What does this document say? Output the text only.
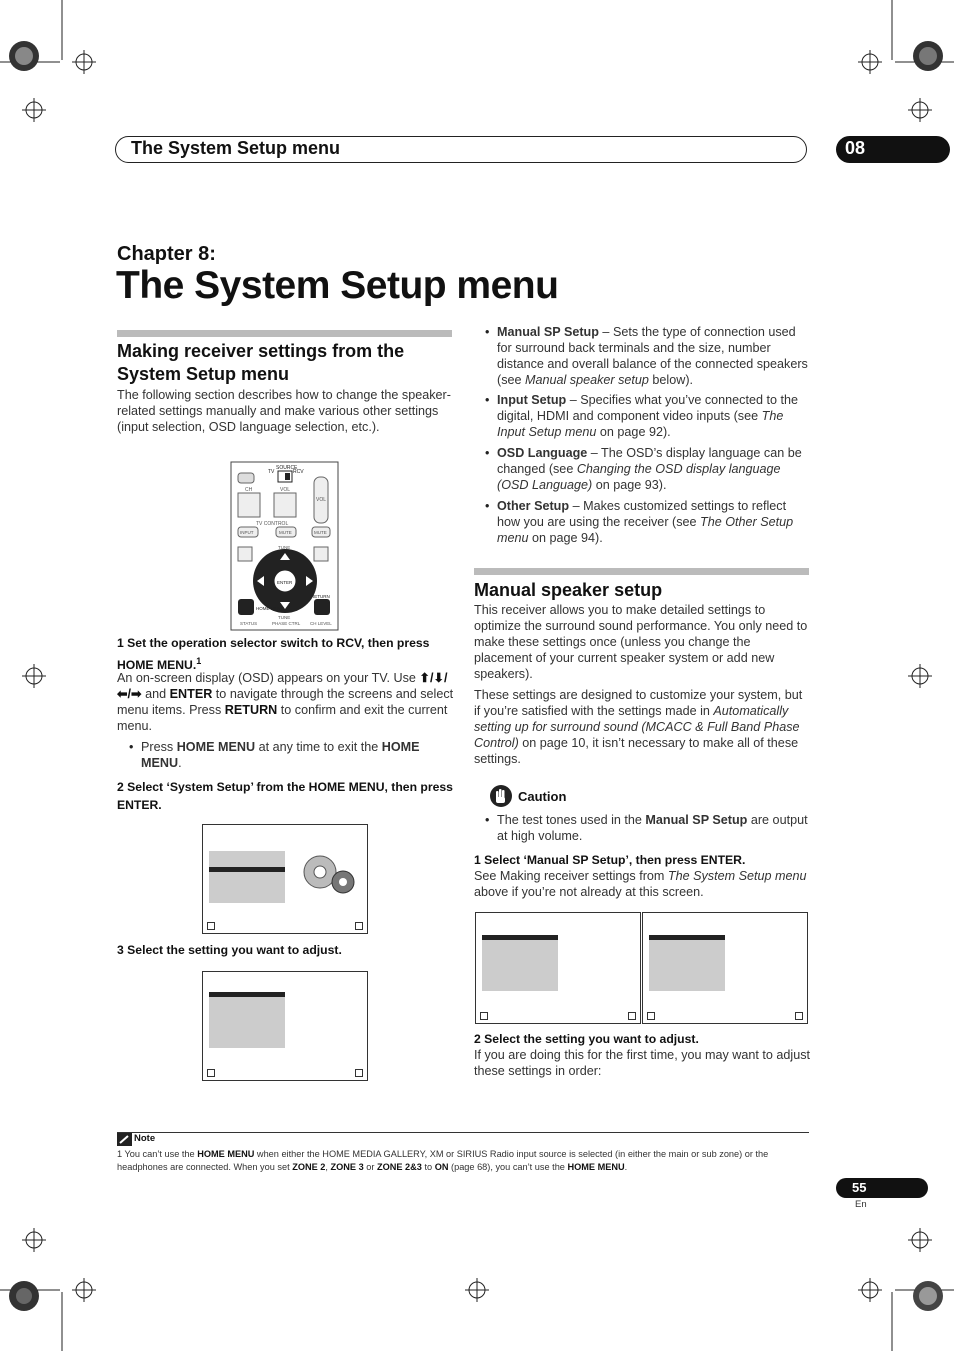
The System Setup menu	08
Chapter 8:
The System Setup menu
Making receiver settings from the System Setup menu
The following section describes how to change the speaker-related settings manually and make various other settings (input selection, OSD language selection, etc.).
TV
SOURCE
RCV
CH	VOL
VOL
TV CONTROL
INPUT	MUTE	MUTE
TUNE
ENTER
TUNE
RETURN
HOME MENU
STATUS	PHASE CTRL CH LEVEL
1 Set the operation selector switch to RCV, then press HOME MENU.$^1$
An on-screen display (OSD) appears on your TV. Use ⬆/⬇/⬅/➡ and ENTER to navigate through the screens and select menu items. Press RETURN to confirm and exit the current menu.
• Press HOME MENU at any time to exit the HOME MENU.
2 Select ‘System Setup’ from the HOME MENU, then press ENTER.
3 Select the setting you want to adjust.
• Manual SP Setup – Sets the type of connection used for surround back terminals and the size, number distance and overall balance of the connected speakers (see Manual speaker setup below).
• Input Setup – Specifies what you’ve connected to the digital, HDMI and component video inputs (see The Input Setup menu on page 92).
• OSD Language – The OSD’s display language can be changed (see Changing the OSD display language (OSD Language) on page 93).
• Other Setup – Makes customized settings to reflect how you are using the receiver (see The Other Setup menu on page 94).
Manual speaker setup
This receiver allows you to make detailed settings to optimize the surround sound performance. You only need to make these settings once (unless you change the placement of your current speaker system or add new speakers).
These settings are designed to customize your system, but if you’re satisfied with the settings made in Automatically setting up for surround sound (MCACC & Full Band Phase Control) on page 10, it isn’t necessary to make all of these settings.
Caution
• The test tones used in the Manual SP Setup are output at high volume.
1 Select ‘Manual SP Setup’, then press ENTER.
See Making receiver settings from The System Setup menu above if you’re not already at this screen.
2 Select the setting you want to adjust.
If you are doing this for the first time, you may want to adjust these settings in order:
Note
1 You can’t use the HOME MENU when either the HOME MEDIA GALLERY, XM or SIRIUS Radio input source is selected (in either the main or sub zone) or the headphones are connected. When you set ZONE 2, ZONE 3 or ZONE 2&3 to ON (page 68), you can’t use the HOME MENU.
55
En
